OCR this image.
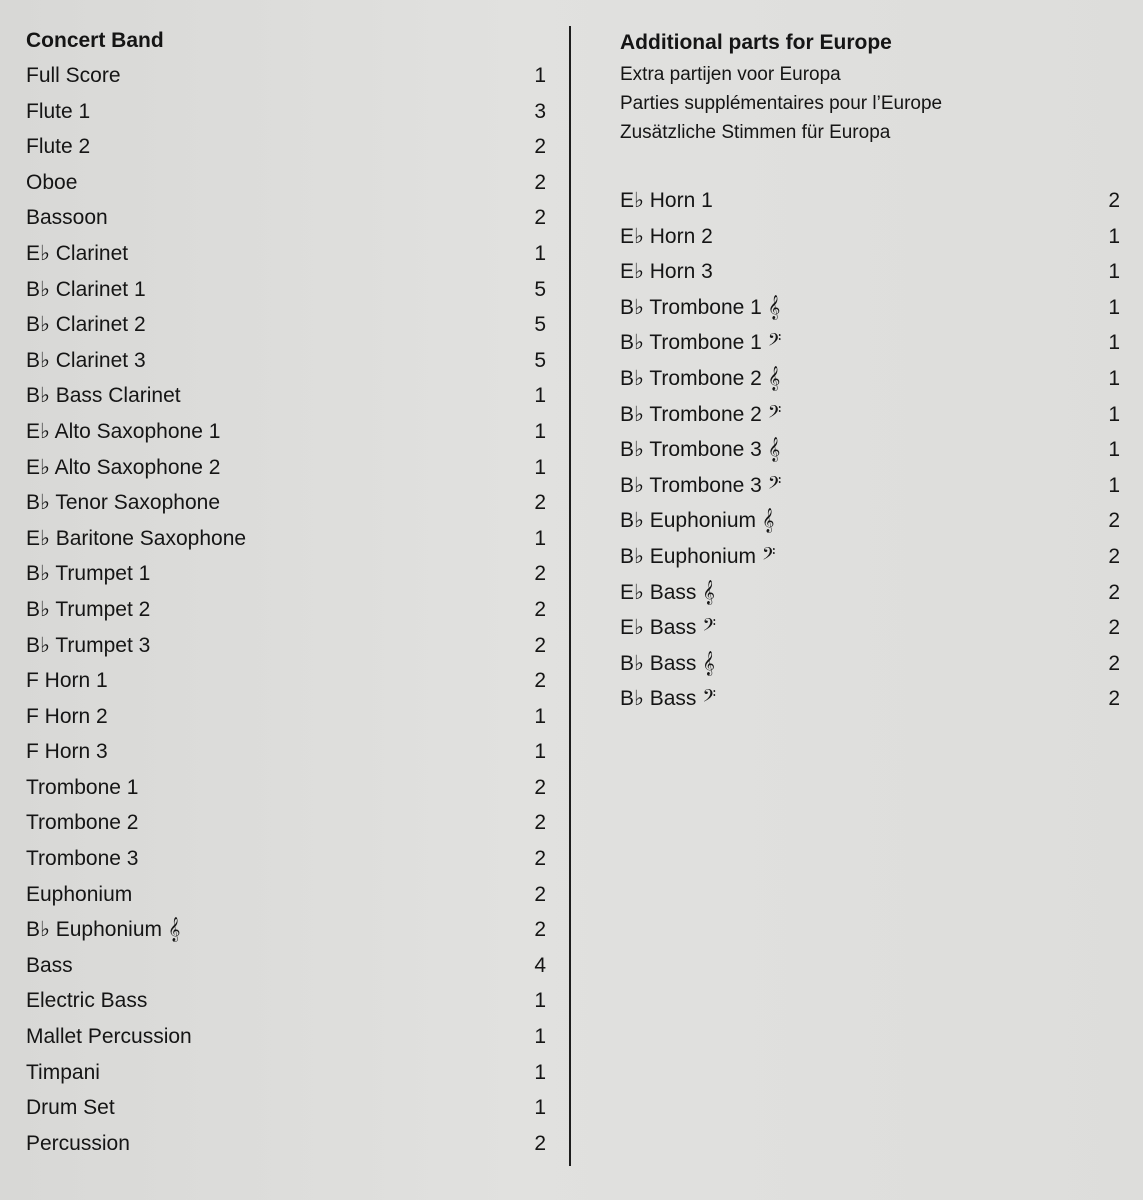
Concert Band
Full Score	1
Flute 1	3
Flute 2	2
Oboe	2
Bassoon	2
E♭ Clarinet	1
B♭ Clarinet 1	5
B♭ Clarinet 2	5
B♭ Clarinet 3	5
B♭ Bass Clarinet	1
E♭ Alto Saxophone 1	1
E♭ Alto Saxophone 2	1
B♭ Tenor Saxophone	2
E♭ Baritone Saxophone	1
B♭ Trumpet 1	2
B♭ Trumpet 2	2
B♭ Trumpet 3	2
F Horn 1	2
F Horn 2	1
F Horn 3	1
Trombone 1	2
Trombone 2	2
Trombone 3	2
Euphonium	2
B♭ Euphonium 𝄞	2
Bass	4
Electric Bass	1
Mallet Percussion	1
Timpani	1
Drum Set	1
Percussion	2
Additional parts for Europe
Extra partijen voor Europa
Parties supplémentaires pour l’Europe
Zusätzliche Stimmen für Europa
E♭ Horn 1	2
E♭ Horn 2	1
E♭ Horn 3	1
B♭ Trombone 1 𝄞	1
B♭ Trombone 1 𝄢	1
B♭ Trombone 2 𝄞	1
B♭ Trombone 2 𝄢	1
B♭ Trombone 3 𝄞	1
B♭ Trombone 3 𝄢	1
B♭ Euphonium 𝄞	2
B♭ Euphonium 𝄢	2
E♭ Bass 𝄞	2
E♭ Bass 𝄢	2
B♭ Bass 𝄞	2
B♭ Bass 𝄢	2
